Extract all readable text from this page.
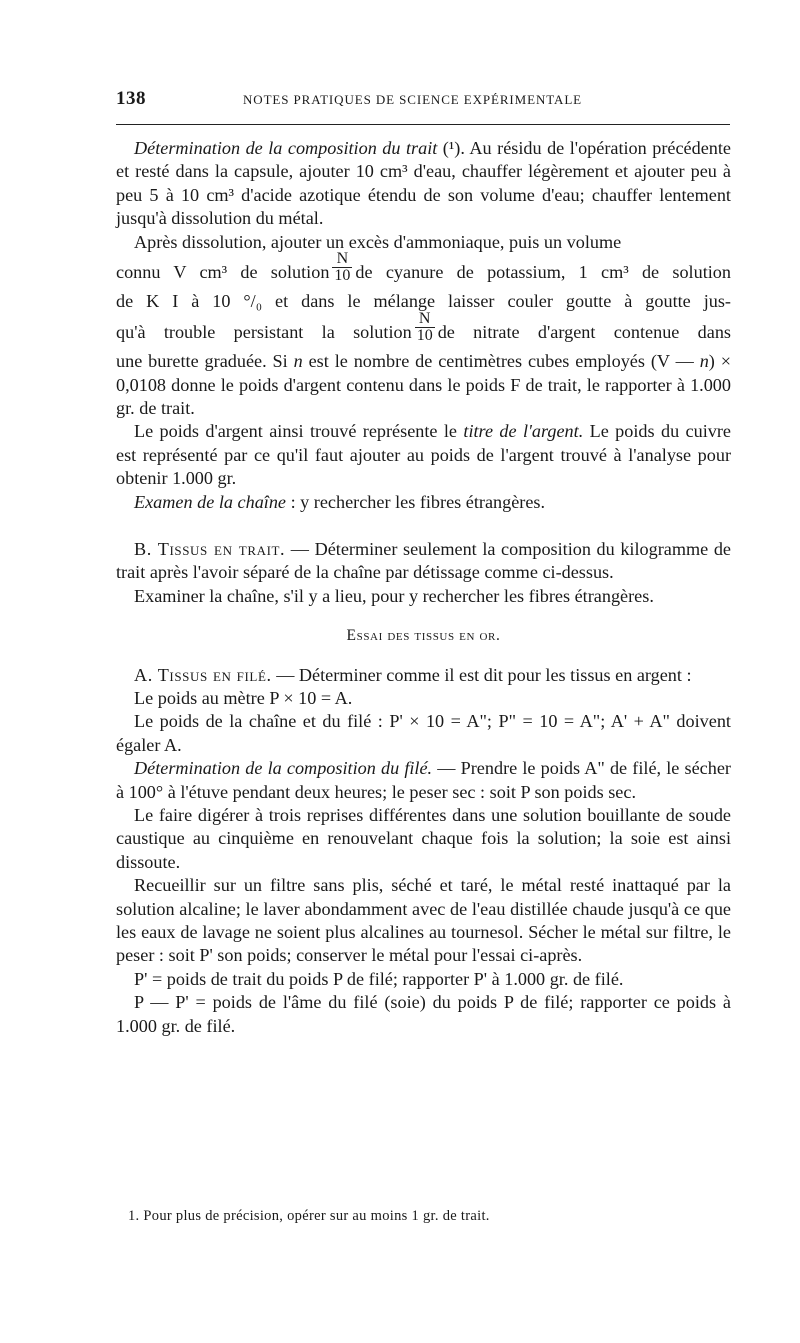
138	NOTES PRATIQUES DE SCIENCE EXPÉRIMENTALE

Détermination de la composition du trait (¹). Au résidu de l'opération précédente et resté dans la capsule, ajouter 10 cm³ d'eau, chauffer légèrement et ajouter peu à peu 5 à 10 cm³ d'acide azotique étendu de son volume d'eau; chauffer lentement jusqu'à dissolution du métal.

Après dissolution, ajouter un excès d'ammoniaque, puis un volume

connu V cm³ de solution $\frac{N}{10}$ de cyanure de potassium, 1 cm³ de solution

de K I à 10 °/₀ et dans le mélange laisser couler goutte à goutte jus-

qu'à trouble persistant la solution $\frac{N}{10}$ de nitrate d'argent contenue dans

une burette graduée. Si n est le nombre de centimètres cubes employés (V — n) × 0,0108 donne le poids d'argent contenu dans le poids F de trait, le rapporter à 1.000 gr. de trait.

Le poids d'argent ainsi trouvé représente le titre de l'argent. Le poids du cuivre est représenté par ce qu'il faut ajouter au poids de l'argent trouvé à l'analyse pour obtenir 1.000 gr.

Examen de la chaîne : y rechercher les fibres étrangères.

B. Tissus en trait. — Déterminer seulement la composition du kilogramme de trait après l'avoir séparé de la chaîne par détissage comme ci-dessus.

Examiner la chaîne, s'il y a lieu, pour y rechercher les fibres étrangères.

Essai des tissus en or.

A. Tissus en filé. — Déterminer comme il est dit pour les tissus en argent :

Le poids au mètre P × 10 = A.

Le poids de la chaîne et du filé : P' × 10 = A"; P" = 10 = A"; A' + A" doivent égaler A.

Détermination de la composition du filé. — Prendre le poids A" de filé, le sécher à 100° à l'étuve pendant deux heures; le peser sec : soit P son poids sec.

Le faire digérer à trois reprises différentes dans une solution bouillante de soude caustique au cinquième en renouvelant chaque fois la solution; la soie est ainsi dissoute.

Recueillir sur un filtre sans plis, séché et taré, le métal resté inattaqué par la solution alcaline; le laver abondamment avec de l'eau distillée chaude jusqu'à ce que les eaux de lavage ne soient plus alcalines au tournesol. Sécher le métal sur filtre, le peser : soit P' son poids; conserver le métal pour l'essai ci-après.

P' = poids de trait du poids P de filé; rapporter P' à 1.000 gr. de filé.

P — P' = poids de l'âme du filé (soie) du poids P de filé; rapporter ce poids à 1.000 gr. de filé.

1. Pour plus de précision, opérer sur au moins 1 gr. de trait.
